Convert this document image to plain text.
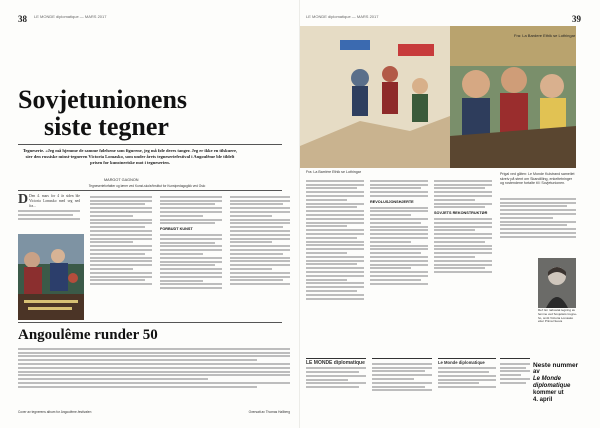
38 LE MONDE diplomatique — MARS 2017
Sovjetunionens
siste tegner
Tegneserie. «Jeg må hjemme de samme følelsene som figurene, jeg må føle deres tanger. Jeg er ikke en tilskuere, sier den russiske minst-tegneren Victoria Lomasko, som under årets tegneseriefestival i Angoulême ble tildelt prisen for kunstneriske mot i tegneserien.
MARGOT GAGNON
Tegneserieforfatter og lærer ved Kunst-skole/Institut for Kunstpedagogikk ved Oslo
D Den 4. mars for 4 år siden ble Victoria Lomasko med seg ned fra...
FORBUDT KUNST
Angoulême runder 50
Cover av tegnerens album for Angoulême-festivalen	Oversatt av Thomas Hallberg
LE MONDE diplomatique — MARS 2017	39
Fra: La Bardere Ethik se Lothingar
Fra: La Barrière Ethik se Lothingar
REVOLUSJONSHJERTE
SOVJETS REKONSTRUKTØR
Prigal ved gåten: Le Monde Kulstrand sameilet skreiv på stent om Skandilling, enkeltetninger og rostendene fortalte til i Sovjetunionen.
Ref: En nabostat tegning av femme ved Sovjetiets tregne- ho, smitt Victoria Lomasko etter Prima Nuova
LE MONDE diplomatique	Le Monde diplomatique	Neste nummer
av
Le Monde
diplomatique
kommer ut
4. april
